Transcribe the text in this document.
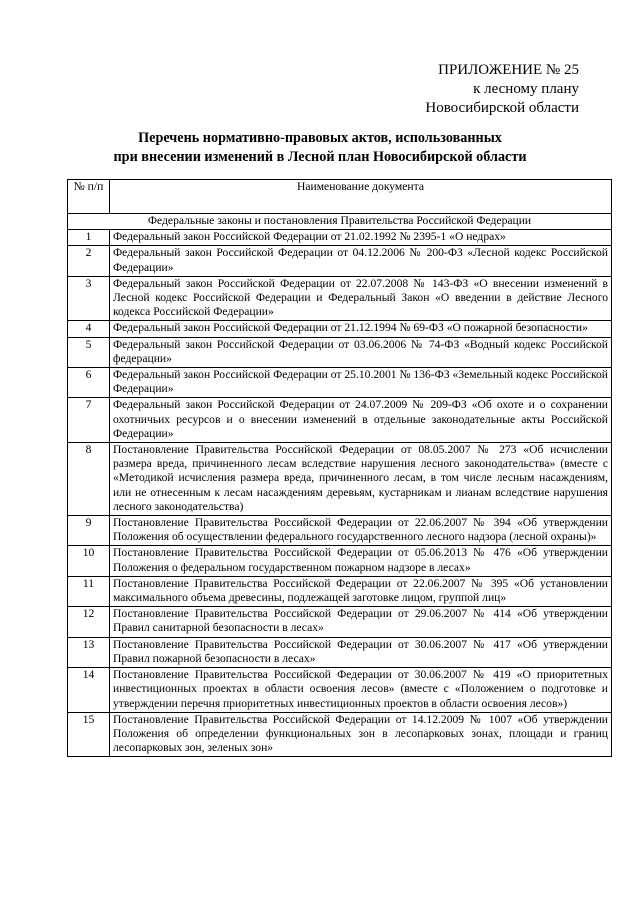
ПРИЛОЖЕНИЕ № 25
к лесному плану
Новосибирской области
Перечень нормативно-правовых актов, использованных
при внесении изменений в Лесной план Новосибирской области
№ п/п	Наименование документа
Федеральные законы и постановления Правительства Российской Федерации	
1	Федеральный закон Российской Федерации от 21.02.1992 № 2395-1 «О недрах»
2	Федеральный закон Российской Федерации от 04.12.2006 № 200-ФЗ «Лесной кодекс Российской Федерации»
3	Федеральный закон Российской Федерации от 22.07.2008 № 143-ФЗ «О внесении изменений в Лесной кодекс Российской Федерации и Федеральный Закон «О введении в действие Лесного кодекса Российской Федерации»
4	Федеральный закон Российской Федерации от 21.12.1994 № 69-ФЗ «О пожарной безопасности»
5	Федеральный закон Российской Федерации от 03.06.2006 № 74-ФЗ «Водный кодекс Российской федерации»
6	Федеральный закон Российской Федерации от 25.10.2001 № 136-ФЗ «Земельный кодекс Российской Федерации»
7	Федеральный закон Российской Федерации от 24.07.2009 № 209-ФЗ «Об охоте и о сохранении охотничьих ресурсов и о внесении изменений в отдельные законодательные акты Российской Федерации»
8	Постановление Правительства Российской Федерации от 08.05.2007 № 273 «Об исчислении размера вреда, причиненного лесам вследствие нарушения лесного законодательства» (вместе с «Методикой исчисления размера вреда, причиненного лесам, в том числе лесным насаждениям, или не отнесенным к лесам насаждениям деревьям, кустарникам и лианам вследствие нарушения лесного законодательства)
9	Постановление Правительства Российской Федерации от 22.06.2007 № 394 «Об утверждении Положения об осуществлении федерального государственного лесного надзора (лесной охраны)»
10	Постановление Правительства Российской Федерации от 05.06.2013 № 476 «Об утверждении Положения о федеральном государственном пожарном надзоре в лесах»
11	Постановление Правительства Российской Федерации от 22.06.2007 № 395 «Об установлении максимального объема древесины, подлежащей заготовке лицом, группой лиц»
12	Постановление Правительства Российской Федерации от 29.06.2007 № 414 «Об утверждении Правил санитарной безопасности в лесах»
13	Постановление Правительства Российской Федерации от 30.06.2007 № 417 «Об утверждении Правил пожарной безопасности в лесах»
14	Постановление Правительства Российской Федерации от 30.06.2007 № 419 «О приоритетных инвестиционных проектах в области освоения лесов» (вместе с «Положением о подготовке и утверждении перечня приоритетных инвестиционных проектов в области освоения лесов»)
15	Постановление Правительства Российской Федерации от 14.12.2009 № 1007 «Об утверждении Положения об определении функциональных зон в лесопарковых зонах, площади и границ лесопарковых зон, зеленых зон»
